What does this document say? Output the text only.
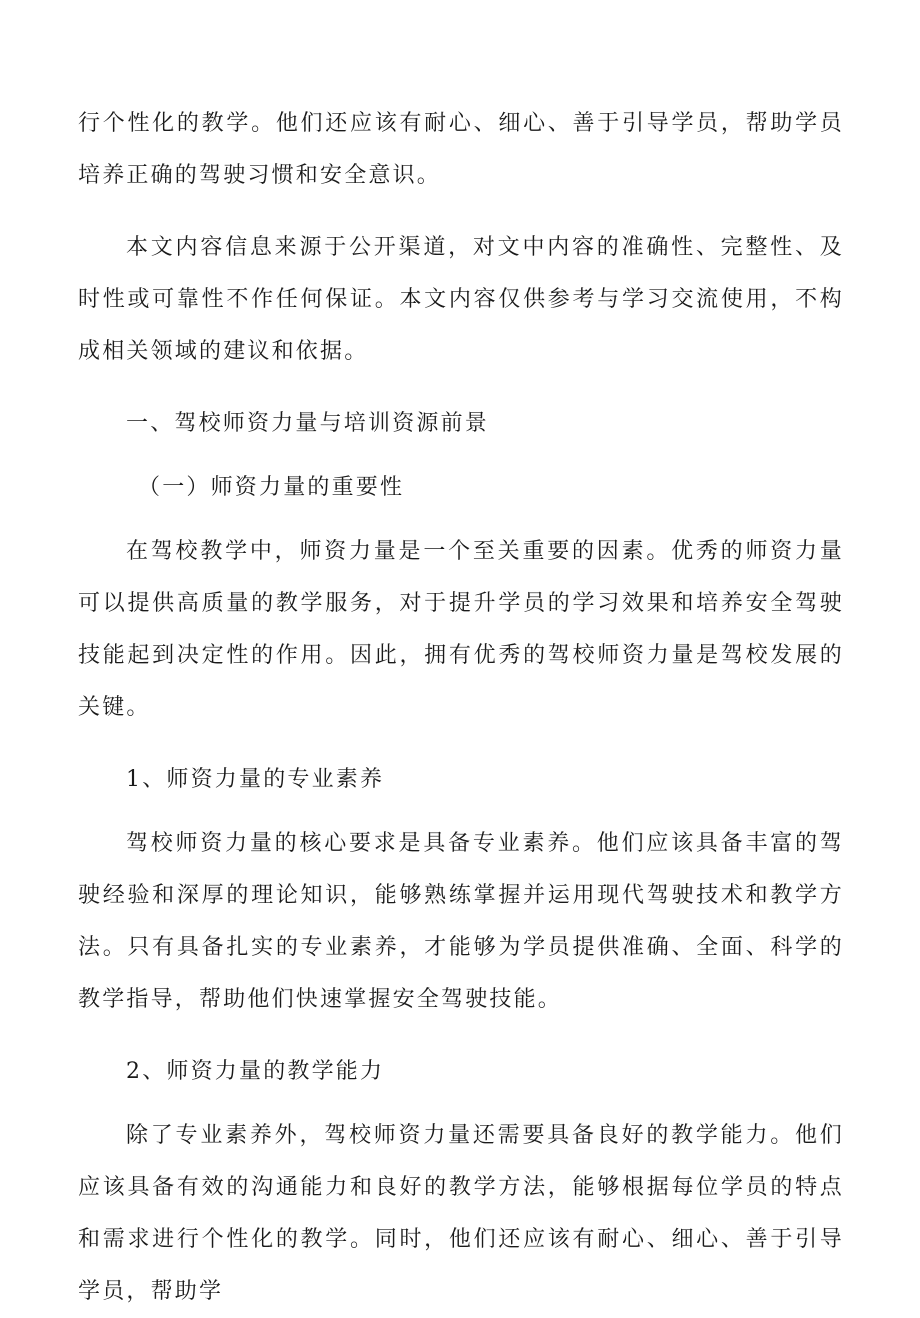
行个性化的教学。他们还应该有耐心、细心、善于引导学员，帮助学员培养正确的驾驶习惯和安全意识。

本文内容信息来源于公开渠道，对文中内容的准确性、完整性、及时性或可靠性不作任何保证。本文内容仅供参考与学习交流使用，不构成相关领域的建议和依据。

一、驾校师资力量与培训资源前景

（一）师资力量的重要性

在驾校教学中，师资力量是一个至关重要的因素。优秀的师资力量可以提供高质量的教学服务，对于提升学员的学习效果和培养安全驾驶技能起到决定性的作用。因此，拥有优秀的驾校师资力量是驾校发展的关键。

1、师资力量的专业素养

驾校师资力量的核心要求是具备专业素养。他们应该具备丰富的驾驶经验和深厚的理论知识，能够熟练掌握并运用现代驾驶技术和教学方法。只有具备扎实的专业素养，才能够为学员提供准确、全面、科学的教学指导，帮助他们快速掌握安全驾驶技能。

2、师资力量的教学能力

除了专业素养外，驾校师资力量还需要具备良好的教学能力。他们应该具备有效的沟通能力和良好的教学方法，能够根据每位学员的特点和需求进行个性化的教学。同时，他们还应该有耐心、细心、善于引导学员，帮助学
